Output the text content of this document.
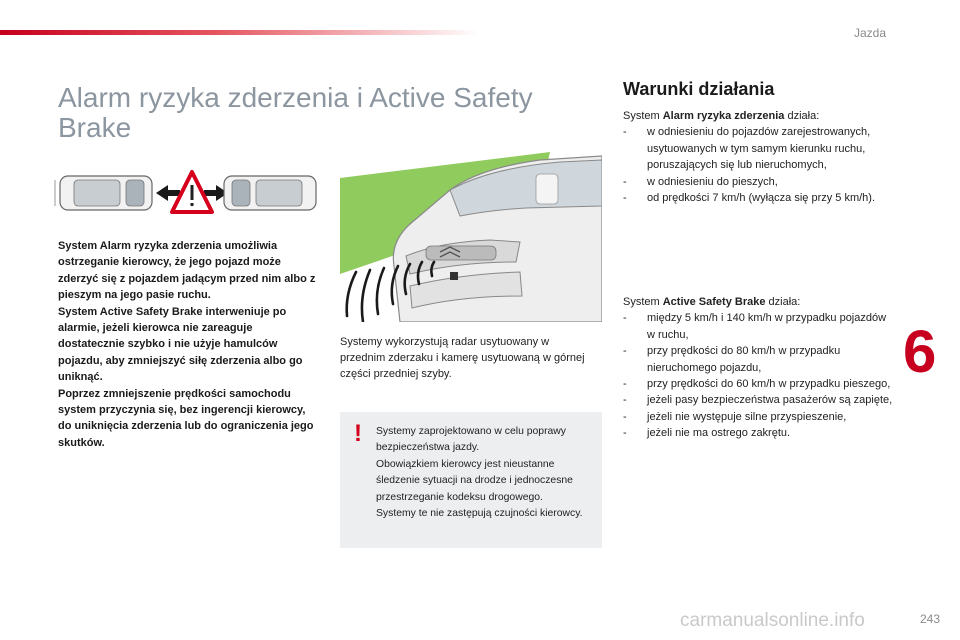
Jazda
Alarm ryzyka zderzenia i Active Safety Brake

System Alarm ryzyka zderzenia umożliwia ostrzeganie kierowcy, że jego pojazd może zderzyć się z pojazdem jadącym przed nim albo z pieszym na jego pasie ruchu.

System Active Safety Brake interweniuje po alarmie, jeżeli kierowca nie zareaguje dostatecznie szybko i nie użyje hamulców pojazdu, aby zmniejszyć siłę zderzenia albo go uniknąć.

Poprzez zmniejszenie prędkości samochodu system przyczynia się, bez ingerencji kierowcy, do uniknięcia zderzenia lub do ograniczenia jego skutków.

Systemy wykorzystują radar usytuowany w przednim zderzaku i kamerę usytuowaną w górnej części przedniej szyby.
! Systemy zaprojektowano w celu poprawy bezpieczeństwa jazdy.

Obowiązkiem kierowcy jest nieustanne śledzenie sytuacji na drodze i jednoczesne przestrzeganie kodeksu drogowego.

Systemy te nie zastępują czujności kierowcy.

Warunki działania

System Alarm ryzyka zderzenia działa:

- w odniesieniu do pojazdów zarejestrowanych, usytuowanych w tym samym kierunku ruchu, poruszających się lub nieruchomych,
- w odniesieniu do pieszych,
- od prędkości 7 km/h (wyłącza się przy 5 km/h).

System Active Safety Brake działa:

- między 5 km/h i 140 km/h w przypadku pojazdów w ruchu,
- przy prędkości do 80 km/h w przypadku nieruchomego pojazdu,
- przy prędkości do 60 km/h w przypadku pieszego,
- jeżeli pasy bezpieczeństwa pasażerów są zapięte,
- jeżeli nie występuje silne przyspieszenie,
- jeżeli nie ma ostrego zakrętu.
6
243
carmanualsonline.info
